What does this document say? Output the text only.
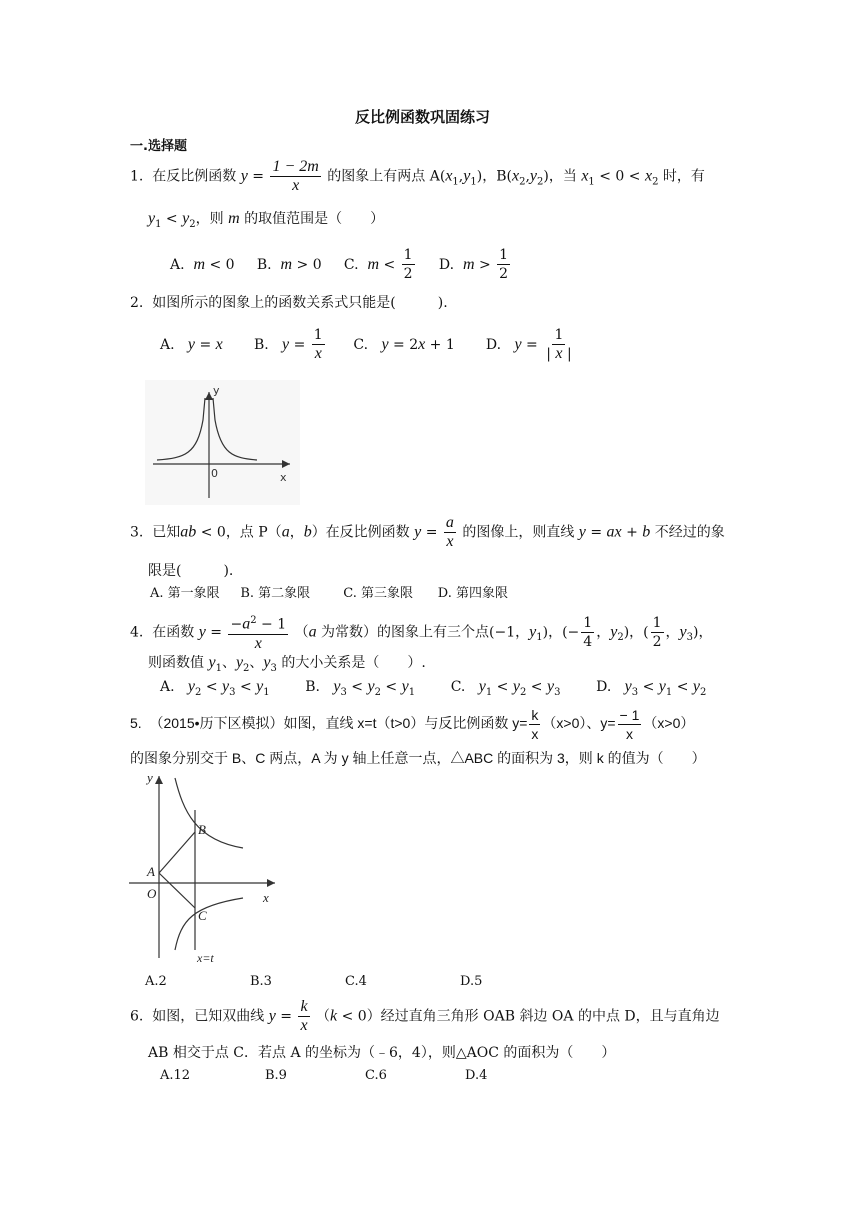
反比例函数巩固练习
一.选择题
1. 在反比例函数 $y = \frac{1 - 2m}{x}$ 的图象上有两点 $A(x_1,y_1)$，$B(x_2,y_2)$，当 $x_1 < 0 < x_2$ 时，有
$y_1 < y_2$，则 m 的取值范围是（　　）
A. m < 0 B. m > 0 C. $m < \frac{1}{2} D$. $m > \frac{1}{2}$
2. 如图所示的图象上的函数关系式只能是(　　　).
A. y = x B. $y = \frac{1}{x} C$. y = 2x + 1 D. $y = \frac{1}{| x |}$
y
0	x
3. 已知ab < 0，点 P（a，b）在反比例函数 $y = \frac{a}{x}$ 的图像上，则直线 y = ax + b 不经过的象
限是(　　　).
A. 第一象限 B. 第二象限	C. 第三象限 D. 第四象限
4. 在函数 $y = \frac{-a^2 - 1}{x} (a$ 为常数）的图象上有三个点(−1，$y_1$)，(− $\frac{1}{4}$ ，$y_2$)，( $\frac{1}{2}$ ，$y_3$)，
则函数值 $y_1$、$y_2$、$y_3$ 的大小关系是（　　）.
A. $y_2 < y_3 < y_1$	B. $y_3 < y_2 < y_1$	C. $y_1 < y_2 < y_3$	D. $y_3 < y_1 < y_2$
5. （2015•历下区模拟）如图，直线 x=t（t>0）与反比例函数 $y= \frac{k}{x} (x>0)$、$y= \frac{- 1}{x} (x>0)$
的图象分别交于 B、C 两点，A 为 y 轴上任意一点，△ABC 的面积为 3，则 k 的值为（　　）
y
x
O
A
B
C
x=t
A.2	B.3	C.4	D.5
6. 如图，已知双曲线 $y = \frac{k}{x} (k < 0)$经过直角三角形 OAB 斜边 OA 的中点 D，且与直角边
AB 相交于点 C．若点 A 的坐标为（﹣6，4），则△AOC 的面积为（　　）
A.12	B.9	C.6	D.4
